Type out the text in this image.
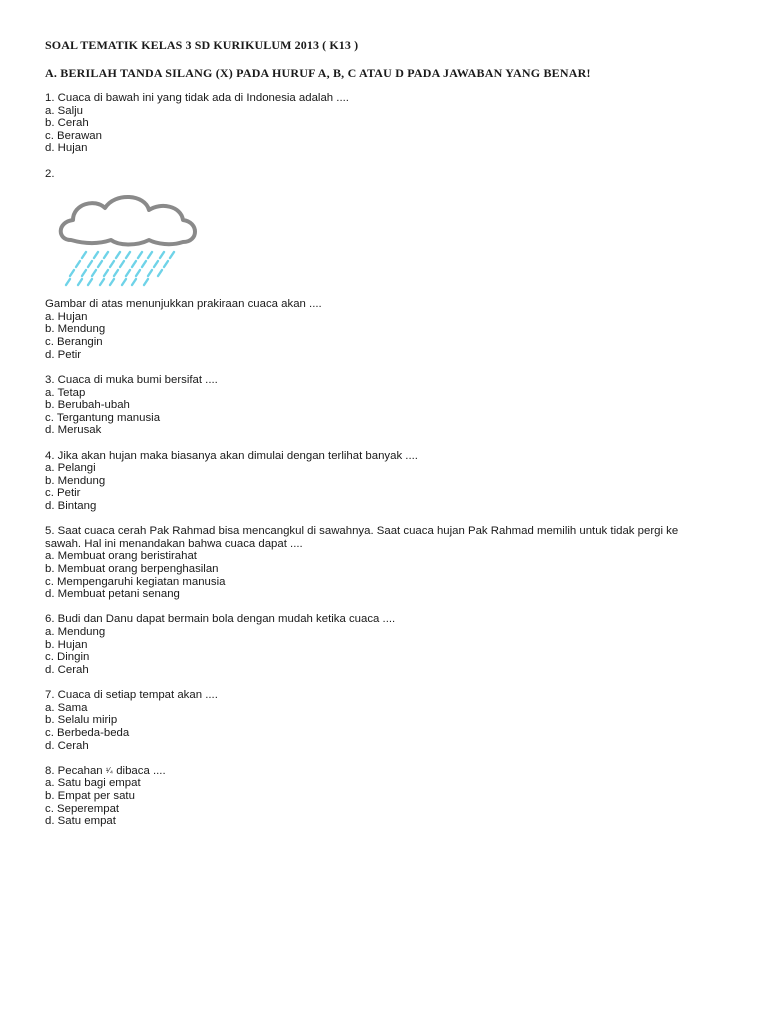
SOAL TEMATIK KELAS 3 SD KURIKULUM 2013 ( K13 )

A. BERILAH TANDA SILANG (X) PADA HURUF A, B, C ATAU D PADA JAWABAN YANG BENAR!

1. Cuaca di bawah ini yang tidak ada di Indonesia adalah ....

a. Salju

b. Cerah

c. Berawan

d. Hujan

2.

Gambar di atas menunjukkan prakiraan cuaca akan ....

a. Hujan

b. Mendung

c. Berangin

d. Petir

3. Cuaca di muka bumi bersifat ....

a. Tetap

b. Berubah-ubah

c. Tergantung manusia

d. Merusak

4. Jika akan hujan maka biasanya akan dimulai dengan terlihat banyak ....

a. Pelangi

b. Mendung

c. Petir

d. Bintang

5. Saat cuaca cerah Pak Rahmad bisa mencangkul di sawahnya. Saat cuaca hujan Pak Rahmad memilih untuk tidak pergi ke sawah. Hal ini menandakan bahwa cuaca dapat ....

a. Membuat orang beristirahat

b. Membuat orang berpenghasilan

c. Mempengaruhi kegiatan manusia

d. Membuat petani senang

6. Budi dan Danu dapat bermain bola dengan mudah ketika cuaca ....

a. Mendung

b. Hujan

c. Dingin

d. Cerah

7. Cuaca di setiap tempat akan ....

a. Sama

b. Selalu mirip

c. Berbeda-beda

d. Cerah

8. Pecahan ¹⁄₄ dibaca ....

a. Satu bagi empat

b. Empat per satu

c. Seperempat

d. Satu empat
